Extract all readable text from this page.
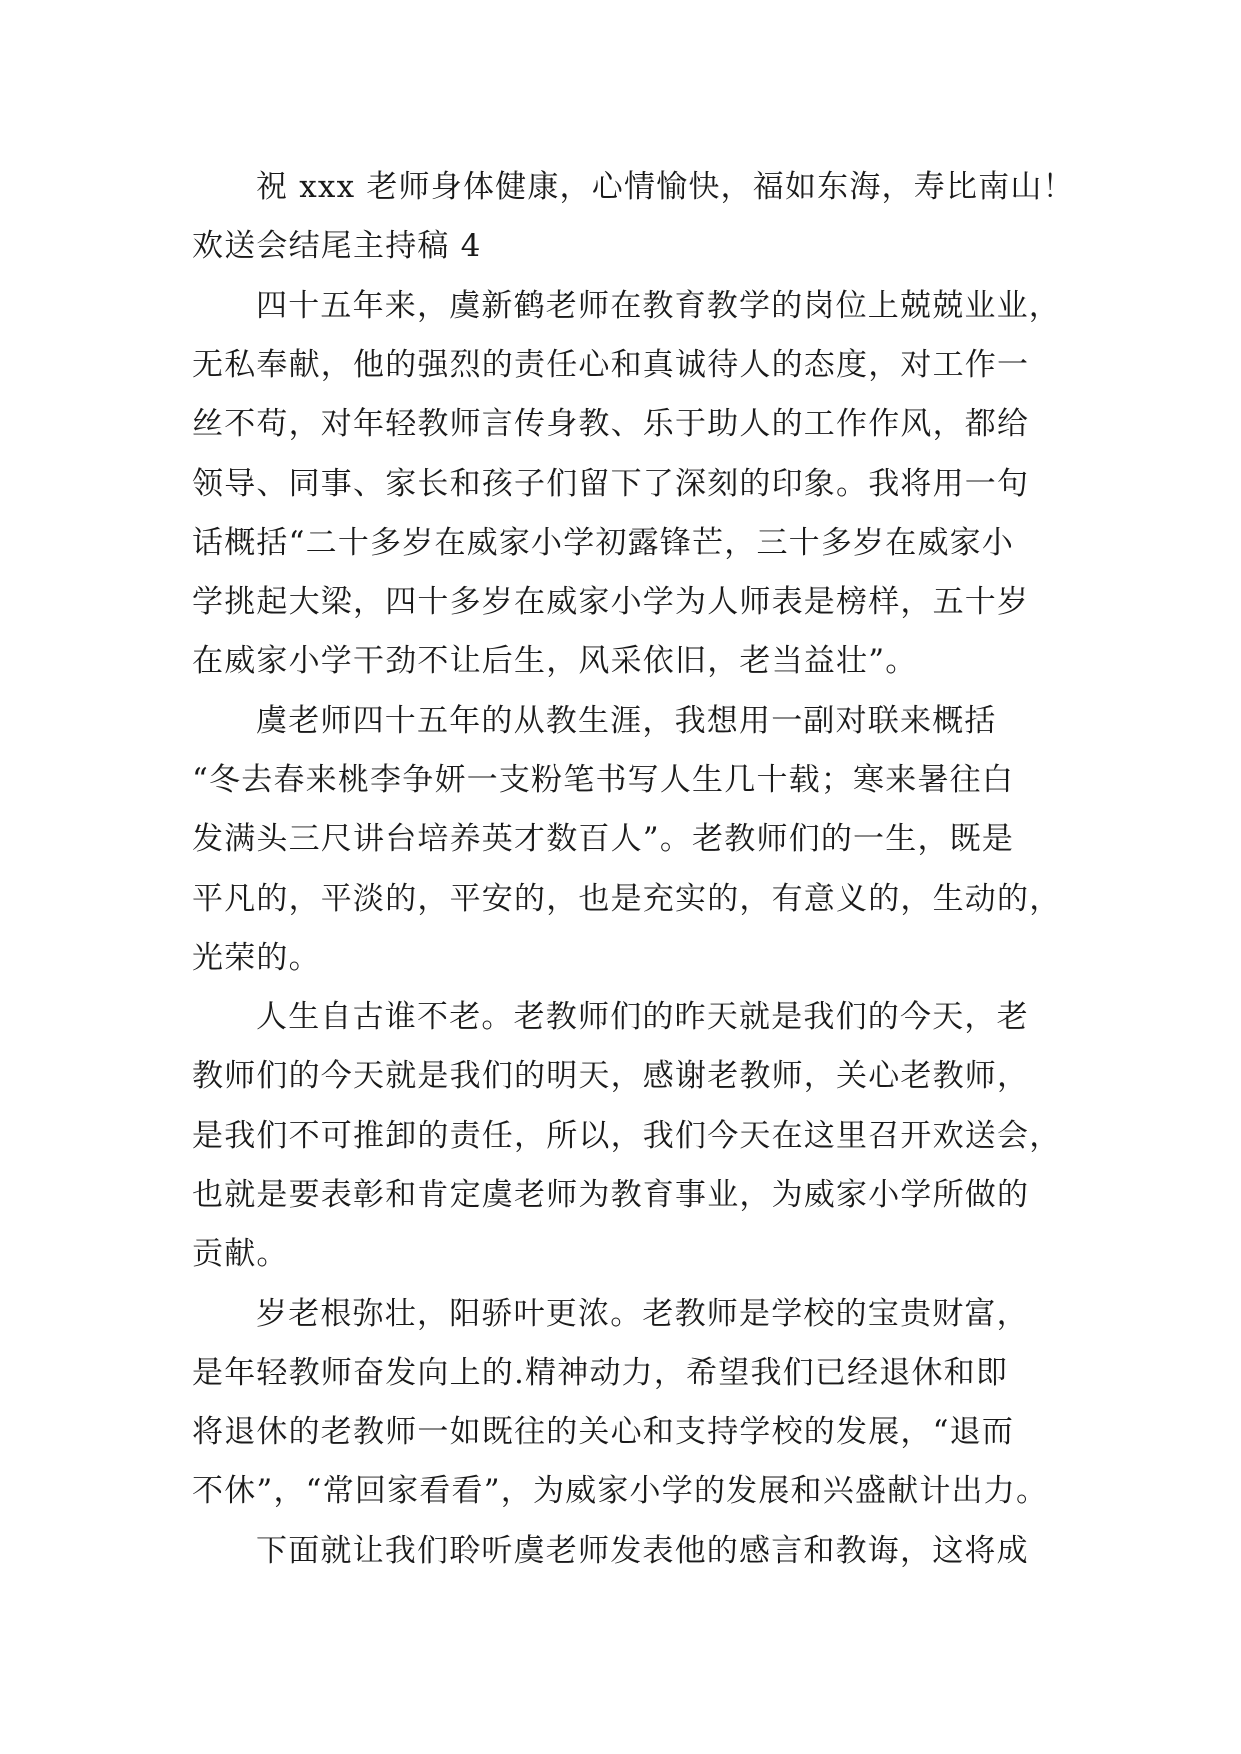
祝 xxx 老师身体健康，心情愉快，福如东海，寿比南山！
欢送会结尾主持稿 4
四十五年来，虞新鹤老师在教育教学的岗位上兢兢业业，
无私奉献，他的强烈的责任心和真诚待人的态度，对工作一
丝不苟，对年轻教师言传身教、乐于助人的工作作风，都给
领导、同事、家长和孩子们留下了深刻的印象。我将用一句
话概括“二十多岁在威家小学初露锋芒，三十多岁在威家小
学挑起大梁，四十多岁在威家小学为人师表是榜样，五十岁
在威家小学干劲不让后生，风采依旧，老当益壮”。
虞老师四十五年的从教生涯，我想用一副对联来概括
“冬去春来桃李争妍一支粉笔书写人生几十载；寒来暑往白
发满头三尺讲台培养英才数百人”。老教师们的一生，既是
平凡的，平淡的，平安的，也是充实的，有意义的，生动的，
光荣的。
人生自古谁不老。老教师们的昨天就是我们的今天，老
教师们的今天就是我们的明天，感谢老教师，关心老教师，
是我们不可推卸的责任，所以，我们今天在这里召开欢送会，
也就是要表彰和肯定虞老师为教育事业，为威家小学所做的
贡献。
岁老根弥壮，阳骄叶更浓。老教师是学校的宝贵财富，
是年轻教师奋发向上的.精神动力，希望我们已经退休和即
将退休的老教师一如既往的关心和支持学校的发展，“退而
不休”，“常回家看看”，为威家小学的发展和兴盛献计出力。
下面就让我们聆听虞老师发表他的感言和教诲，这将成
